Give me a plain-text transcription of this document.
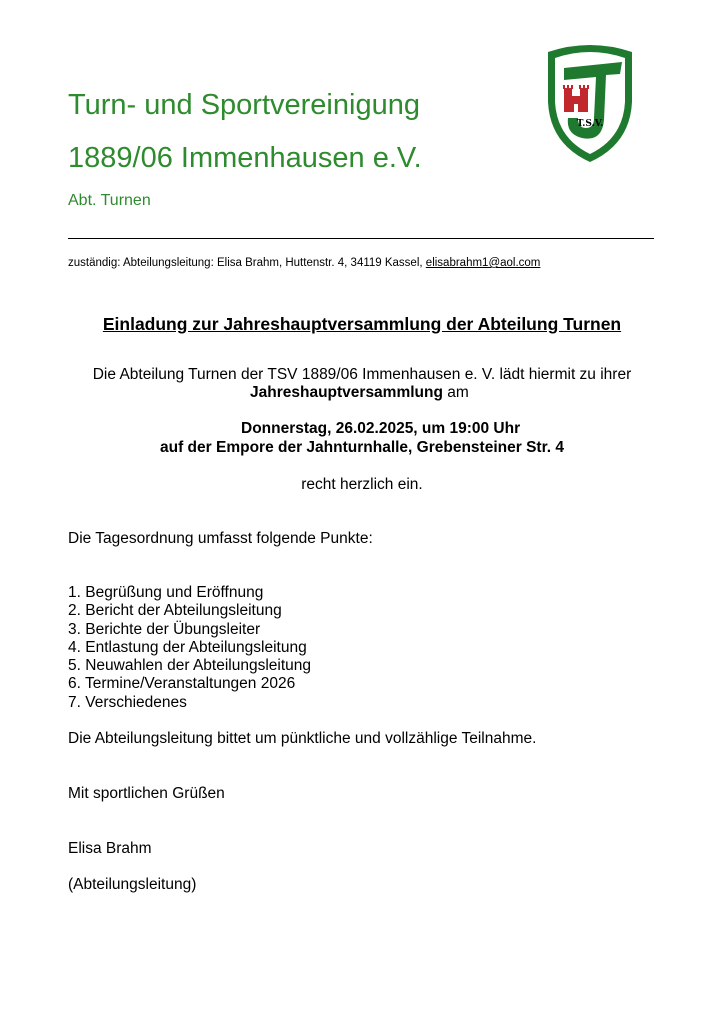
Turn- und Sportvereinigung
1889/06 Immenhausen e.V.
Abt. Turnen
T.S.V.
zuständig: Abteilungsleitung: Elisa Brahm, Huttenstr. 4, 34119 Kassel, elisabrahm1@aol.com
Einladung zur Jahreshauptversammlung der Abteilung Turnen
Die Abteilung Turnen der TSV 1889/06 Immenhausen e. V. lädt hiermit zu ihrer
Jahreshauptversammlung am
Donnerstag, 26.02.2025, um 19:00 Uhr
auf der Empore der Jahnturnhalle, Grebensteiner Str. 4
recht herzlich ein.
Die Tagesordnung umfasst folgende Punkte:
1. Begrüßung und Eröffnung
2. Bericht der Abteilungsleitung
3. Berichte der Übungsleiter
4. Entlastung der Abteilungsleitung
5. Neuwahlen der Abteilungsleitung
6. Termine/Veranstaltungen 2026
7. Verschiedenes
Die Abteilungsleitung bittet um pünktliche und vollzählige Teilnahme.
Mit sportlichen Grüßen
Elisa Brahm
(Abteilungsleitung)
